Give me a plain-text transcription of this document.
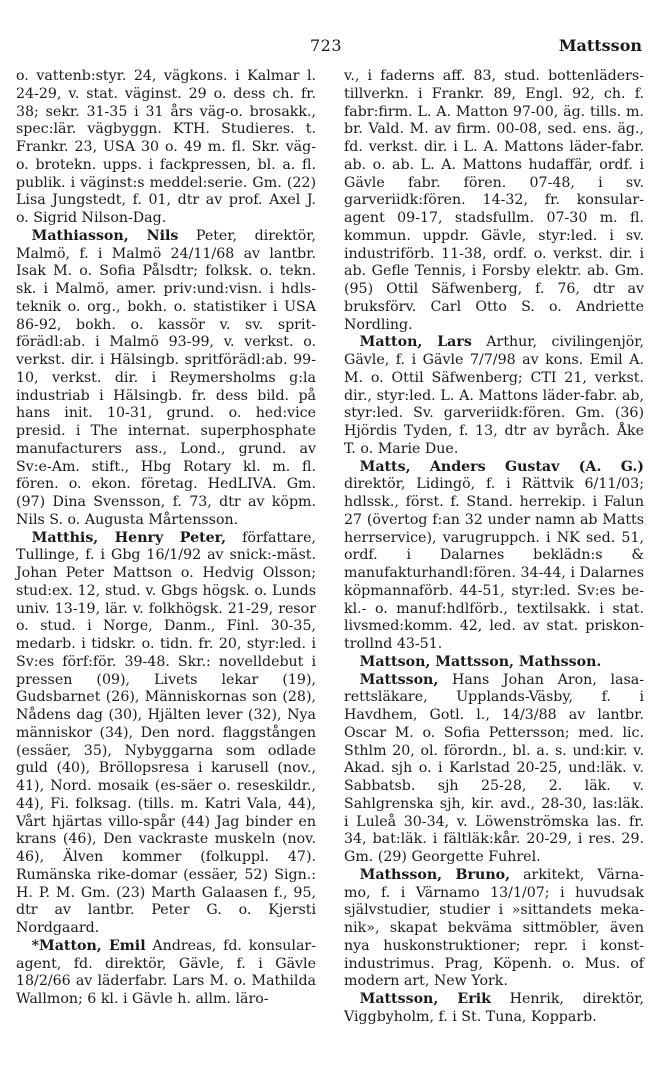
723	Mattsson

o. vattenb:styr. 24, vägkons. i Kalmar l. 24-29, v. stat. väginst. 29 o. dess ch. fr. 38; sekr. 31-35 i 31 års väg-o. brosakk., spec:lär. vägbyggn. KTH. Studieres. t. Frankr. 23, USA 30 o. 49 m. fl. Skr. väg- o. brotekn. upps. i fackpressen, bl. a. fl. publik. i väginst:s meddel:serie. Gm. (22) Lisa Jungstedt, f. 01, dtr av prof. Axel J. o. Sigrid Nilson-Dag.

Mathiasson, Nils Peter, direktör, Malmö, f. i Malmö 24/11/68 av lantbr. Isak M. o. Sofia Pålsdtr; folksk. o. tekn. sk. i Malmö, amer. priv:und:visn. i hdls-teknik o. org., bokh. o. statistiker i USA 86-92, bokh. o. kassör v. sv. sprit-förädl:ab. i Malmö 93-99, v. verkst. o. verkst. dir. i Hälsingb. spritförädl:ab. 99-10, verkst. dir. i Reymersholms g:la industriab i Hälsingb. fr. dess bild. på hans init. 10-31, grund. o. hed:vice presid. i The internat. superphosphate manufacturers ass., Lond., grund. av Sv:e-Am. stift., Hbg Rotary kl. m. fl. fören. o. ekon. företag. HedLIVA. Gm. (97) Dina Svensson, f. 73, dtr av köpm. Nils S. o. Augusta Mårtensson.

Matthis, Henry Peter, författare, Tullinge, f. i Gbg 16/1/92 av snick:-mäst. Johan Peter Mattson o. Hedvig Olsson; stud:ex. 12, stud. v. Gbgs högsk. o. Lunds univ. 13-19, lär. v. folkhögsk. 21-29, resor o. stud. i Norge, Danm., Finl. 30-35, medarb. i tidskr. o. tidn. fr. 20, styr:led. i Sv:es förf:för. 39-48. Skr.: novelldebut i pressen (09), Livets lekar (19), Gudsbarnet (26), Människornas son (28), Nådens dag (30), Hjälten lever (32), Nya människor (34), Den nord. flaggstången (essäer, 35), Nybyggarna som odlade guld (40), Bröllopsresa i karusell (nov., 41), Nord. mosaik (es-säer o. reseskildr., 44), Fi. folksag. (tills. m. Katri Vala, 44), Vårt hjärtas villo-spår (44) Jag binder en krans (46), Den vackraste muskeln (nov. 46), Älven kommer (folkuppl. 47). Rumänska rike-domar (essäer, 52) Sign.: H. P. M. Gm. (23) Marth Galaasen f., 95, dtr av lantbr. Peter G. o. Kjersti Nordgaard.

*Matton, Emil Andreas, fd. konsular-agent, fd. direktör, Gävle, f. i Gävle 18/2/66 av läderfabr. Lars M. o. Mathilda Wallmon; 6 kl. i Gävle h. allm. läro-

v., i faderns aff. 83, stud. bottenläders-tillverkn. i Frankr. 89, Engl. 92, ch. f. fabr:firm. L. A. Matton 97-00, äg. tills. m. br. Vald. M. av firm. 00-08, sed. ens. äg., fd. verkst. dir. i L. A. Mattons läder-fabr. ab. o. ab. L. A. Mattons hudaffär, ordf. i Gävle fabr. fören. 07-48, i sv. garveriidk:fören. 14-32, fr. konsular-agent 09-17, stadsfullm. 07-30 m. fl. kommun. uppdr. Gävle, styr:led. i sv. industriförb. 11-38, ordf. o. verkst. dir. i ab. Gefle Tennis, i Forsby elektr. ab. Gm. (95) Ottil Säfwenberg, f. 76, dtr av bruksförv. Carl Otto S. o. Andriette Nordling.

Matton, Lars Arthur, civilingenjör, Gävle, f. i Gävle 7/7/98 av kons. Emil A. M. o. Ottil Säfwenberg; CTI 21, verkst. dir., styr:led. L. A. Mattons läder-fabr. ab, styr:led. Sv. garveriidk:fören. Gm. (36) Hjördis Tyden, f. 13, dtr av byråch. Åke T. o. Marie Due.

Matts, Anders Gustav (A. G.) direktör, Lidingö, f. i Rättvik 6/11/03; hdlssk., först. f. Stand. herrekip. i Falun 27 (övertog f:an 32 under namn ab Matts herrservice), varugruppch. i NK sed. 51, ordf. i Dalarnes beklädn:s & manufakturhandl:fören. 34-44, i Dalarnes köpmannaförb. 44-51, styr:led. Sv:es be-kl.- o. manuf:hdlförb., textilsakk. i stat. livsmed:komm. 42, led. av stat. priskon-trollnd 43-51.

Mattson, Mattsson, Mathsson.

Mattsson, Hans Johan Aron, lasa-rettsläkare, Upplands-Väsby, f. i Havdhem, Gotl. l., 14/3/88 av lantbr. Oscar M. o. Sofia Pettersson; med. lic. Sthlm 20, ol. förordn., bl. a. s. und:kir. v. Akad. sjh o. i Karlstad 20-25, und:läk. v. Sabbatsb. sjh 25-28, 2. läk. v. Sahlgrenska sjh, kir. avd., 28-30, las:läk. i Luleå 30-34, v. Löwenströmska las. fr. 34, bat:läk. i fältläk:kår. 20-29, i res. 29. Gm. (29) Georgette Fuhrel.

Mathsson, Bruno, arkitekt, Värna-mo, f. i Värnamo 13/1/07; i huvudsak självstudier, studier i »sittandets meka-nik», skapat bekväma sittmöbler, även nya huskonstruktioner; repr. i konst-industrimus. Prag, Köpenh. o. Mus. of modern art, New York.

Mattsson, Erik Henrik, direktör, Viggbyholm, f. i St. Tuna, Kopparb.
